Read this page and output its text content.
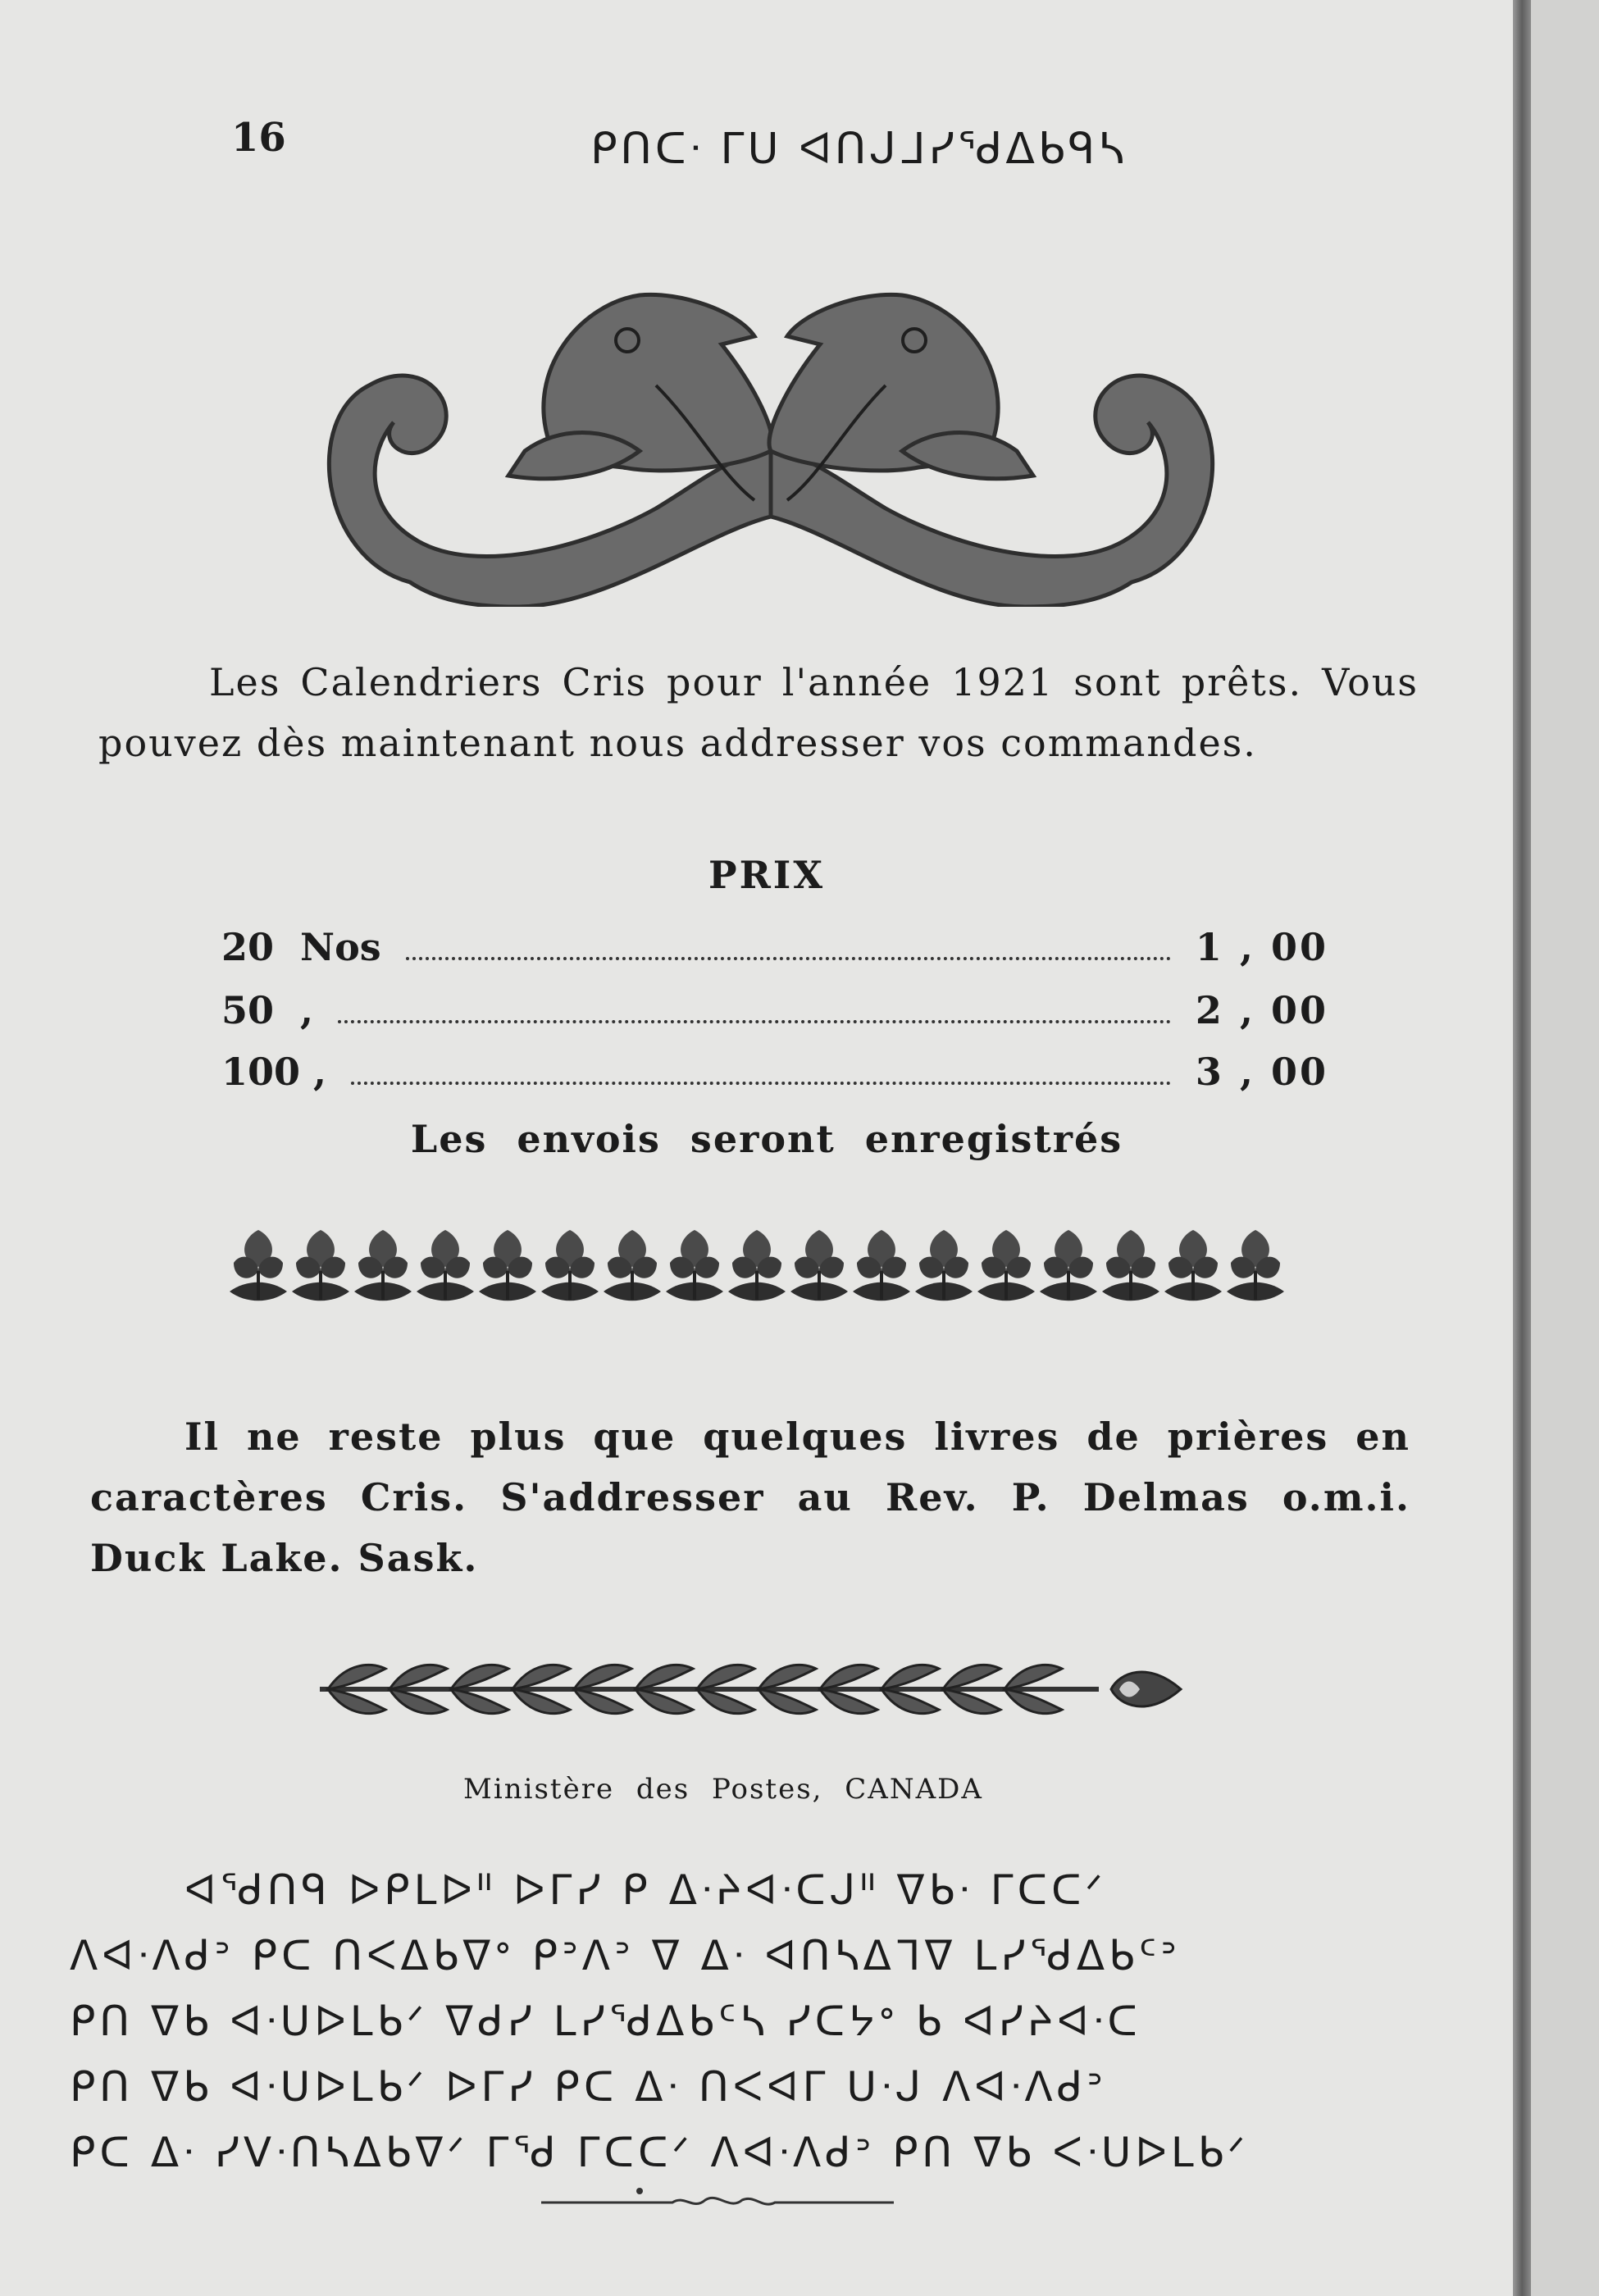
16	ᑭᑎᑕᐧ ᒥᑌ ᐊᑎᒍᒧᓯᖁᐃᑲᑫᓴ
Les Calendriers Cris pour l'année 1921 sont prêts. Vous pouvez dès maintenant nous addresser vos commandes.
PRIX
20  Nos	1 , 00
50  ,	2 , 00
100 ,	3 , 00
Les envois seront enregistrés
Il ne reste plus que quelques livres de prières en caractères Cris. S'addresser au Rev. P. Delmas o.m.i. Duck Lake. Sask.
Ministère des Postes, CANADA
ᐊᖁᑎᑫ ᐅᑭᒪᐅᐦ ᐅᒥᓯ ᑭ ᐃᐧᔨᐊᐧᑕᒍᐦ ᐁᑲᐧ ᒥᑕᑕᐟ
ᐱᐊᐧᐱᑯᐣ ᑭᑕ ᑎᐸᐃᑲᐁᐤ ᑭᐣᐱᐣ ᐁ ᐃᐧ ᐊᑎᓴᐃᒣᐁ ᒪᓯᖁᐃᑲᑦᐣ
ᑭᑎ ᐁᑲ ᐊᐧᑌᐅᒪᑲᐟ ᐁᑯᓯ ᒪᓯᖁᐃᑲᑦᓴ ᓯᑕᔭᐤ ᑲ ᐊᓯᔨᐊᐧᑕ
ᑭᑎ ᐁᑲ ᐊᐧᑌᐅᒪᑲᐟ ᐅᒥᓯ ᑭᑕ ᐃᐧ ᑎᐸᐊᒥ ᑌᐧᒍ ᐱᐊᐧᐱᑯᐣ
ᑭᑕ ᐃᐧ ᓯᐯᐧᑎᓴᐃᑲᐁᐟ ᒥᖁ ᒥᑕᑕᐟ ᐱᐊᐧᐱᑯᐣ ᑭᑎ ᐁᑲ ᐸᐧᑌᐅᒪᑲᐟ
